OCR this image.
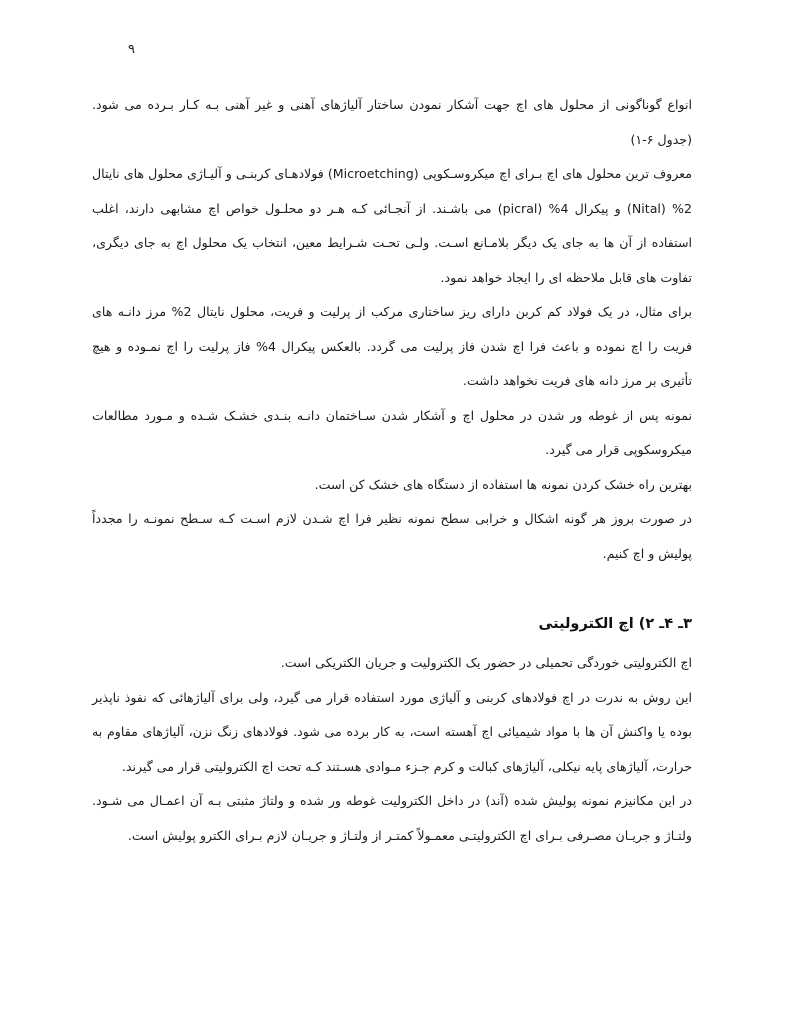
۹

انواع گوناگونی از محلول های اچ جهت آشکار نمودن ساختار آلیاژهای آهنی و غیر آهنی بـه کـار بـرده می شود. (جدول ۶-۱)

معروف ترین محلول های اچ بـرای اچ میکروسـکوپی (Microetching) فولادهـای کربنـی و آلیـاژی محلول های نایتال 2% (Nital) و پیکرال 4% (picral) می باشـند. از آنجـائی کـه هـر دو محلـول خواص اچ مشابهی دارند، اغلب استفاده از آن ها به جای یک دیگر بلامـانع اسـت. ولـی تحـت شـرایط معین، انتخاب یک محلول اچ به جای دیگری، تفاوت های قابل ملاحظه ای را ایجاد خواهد نمود.

برای مثال، در یک فولاد کم کربن دارای ریز ساختاری مرکب از پرلیت و فریت، محلول نایتال 2% مرز دانـه های فریت را اچ نموده و باعث فرا اچ شدن فاز پرلیت می گردد. بالعکس پیکرال 4% فاز پرلیت را اچ نمـوده و هیچ تأثیری بر مرز دانه های فریت نخواهد داشت.

نمونه پس از غوطه ور شدن در محلول اچ و آشکار شدن سـاختمان دانـه بنـدی خشـک شـده و مـورد مطالعات میکروسکوپی قرار می گیرد.

بهترین راه خشک کردن نمونه ها استفاده از دستگاه های خشک کن است.

در صورت بروز هر گونه اشکال و خرابی سطح نمونه نظیر فرا اچ شـدن لازم اسـت کـه سـطح نمونـه را مجدداً پولیش و اچ کنیم.

۳ـ ۴ـ ۲) اچ الکترولیتی

اچ الکترولیتی خوردگی تحمیلی در حضور یک الکترولیت و جریان الکتریکی است.

این روش به ندرت در اچ فولادهای کربنی و آلیاژی مورد استفاده قرار می گیرد، ولی برای آلیاژهائی که نفوذ ناپذیر بوده یا واکنش آن ها با مواد شیمیائی اچ آهسته است، به کار برده می شود. فولادهای زنگ نزن، آلیاژهای مقاوم به حرارت، آلیاژهای پایه نیکلی، آلیاژهای کبالت و کرم جـزء مـوادی هسـتند کـه تحت اچ الکترولیتی قرار می گیرند.

در این مکانیزم نمونه پولیش شده (آند) در داخل الکترولیت غوطه ور شده و ولتاژ مثبتی بـه آن اعمـال می شـود. ولتـاژ و جریـان مصـرفی بـرای اچ الکترولیتـی معمـولاً کمتـر از ولتـاژ و جریـان لازم بـرای الکترو پولیش است.
